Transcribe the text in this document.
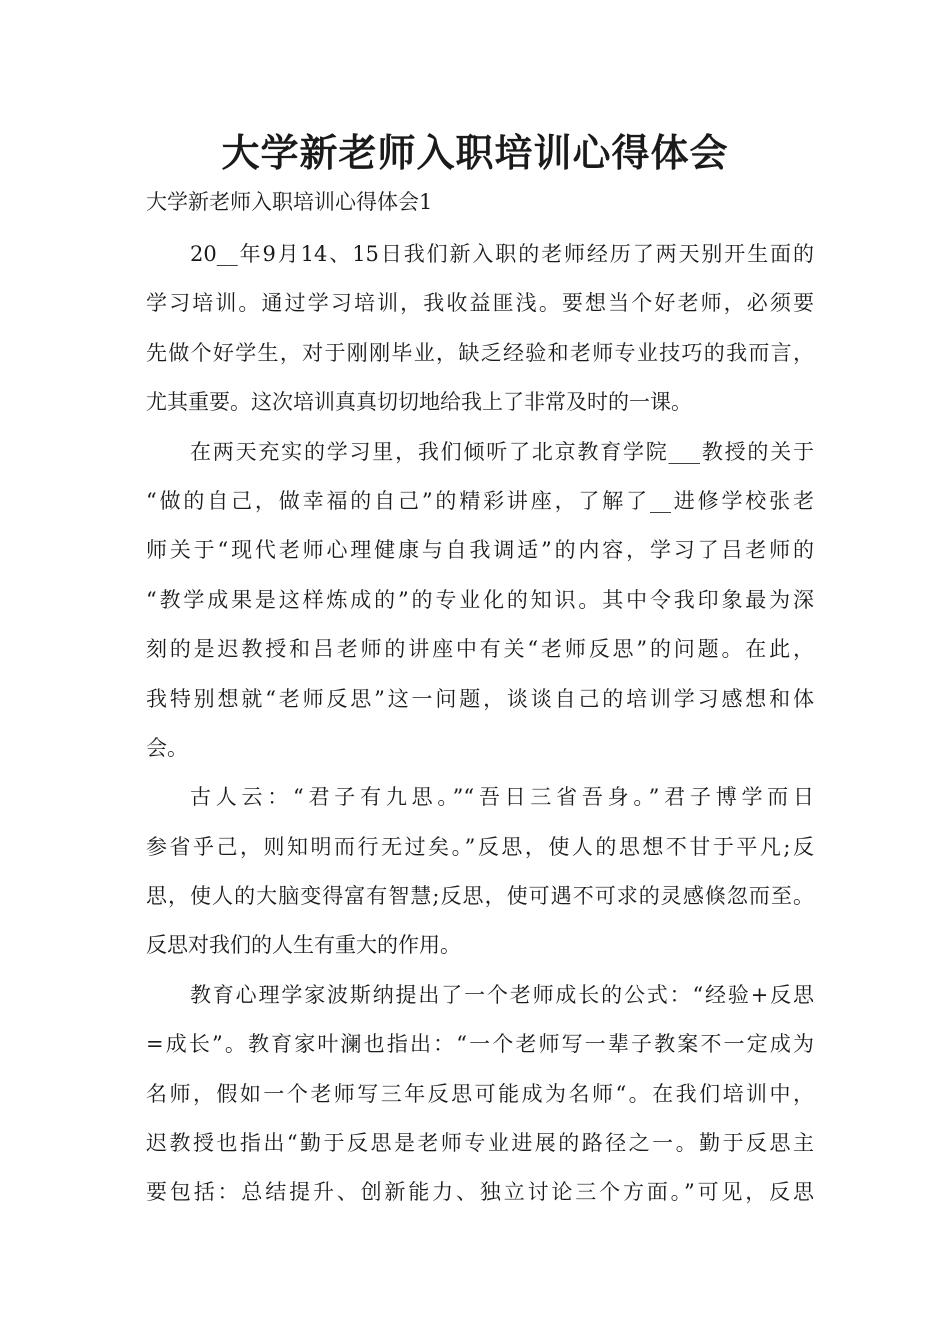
大学新老师入职培训心得体会

大学新老师入职培训心得体会1

20__年9月14、15日我们新入职的老师经历了两天别开生面的
学习培训。通过学习培训，我收益匪浅。要想当个好老师，必须要
先做个好学生，对于刚刚毕业，缺乏经验和老师专业技巧的我而言，
尤其重要。这次培训真真切切地给我上了非常及时的一课。
在两天充实的学习里，我们倾听了北京教育学院___教授的关于
“做的自己，做幸福的自己”的精彩讲座，了解了__进修学校张老
师关于“现代老师心理健康与自我调适”的内容，学习了吕老师的
“教学成果是这样炼成的”的专业化的知识。其中令我印象最为深
刻的是迟教授和吕老师的讲座中有关“老师反思”的问题。在此，
我特别想就“老师反思”这一问题，谈谈自己的培训学习感想和体
会。
古人云：“君子有九思。”“吾日三省吾身。”君子博学而日
参省乎己，则知明而行无过矣。”反思，使人的思想不甘于平凡;反
思，使人的大脑变得富有智慧;反思，使可遇不可求的灵感倏忽而至。
反思对我们的人生有重大的作用。
教育心理学家波斯纳提出了一个老师成长的公式：“经验+反思
=成长”。教育家叶澜也指出：“一个老师写一辈子教案不一定成为
名师，假如一个老师写三年反思可能成为名师“。在我们培训中，
迟教授也指出“勤于反思是老师专业进展的路径之一。勤于反思主
要包括：总结提升、创新能力、独立讨论三个方面。”可见，反思
